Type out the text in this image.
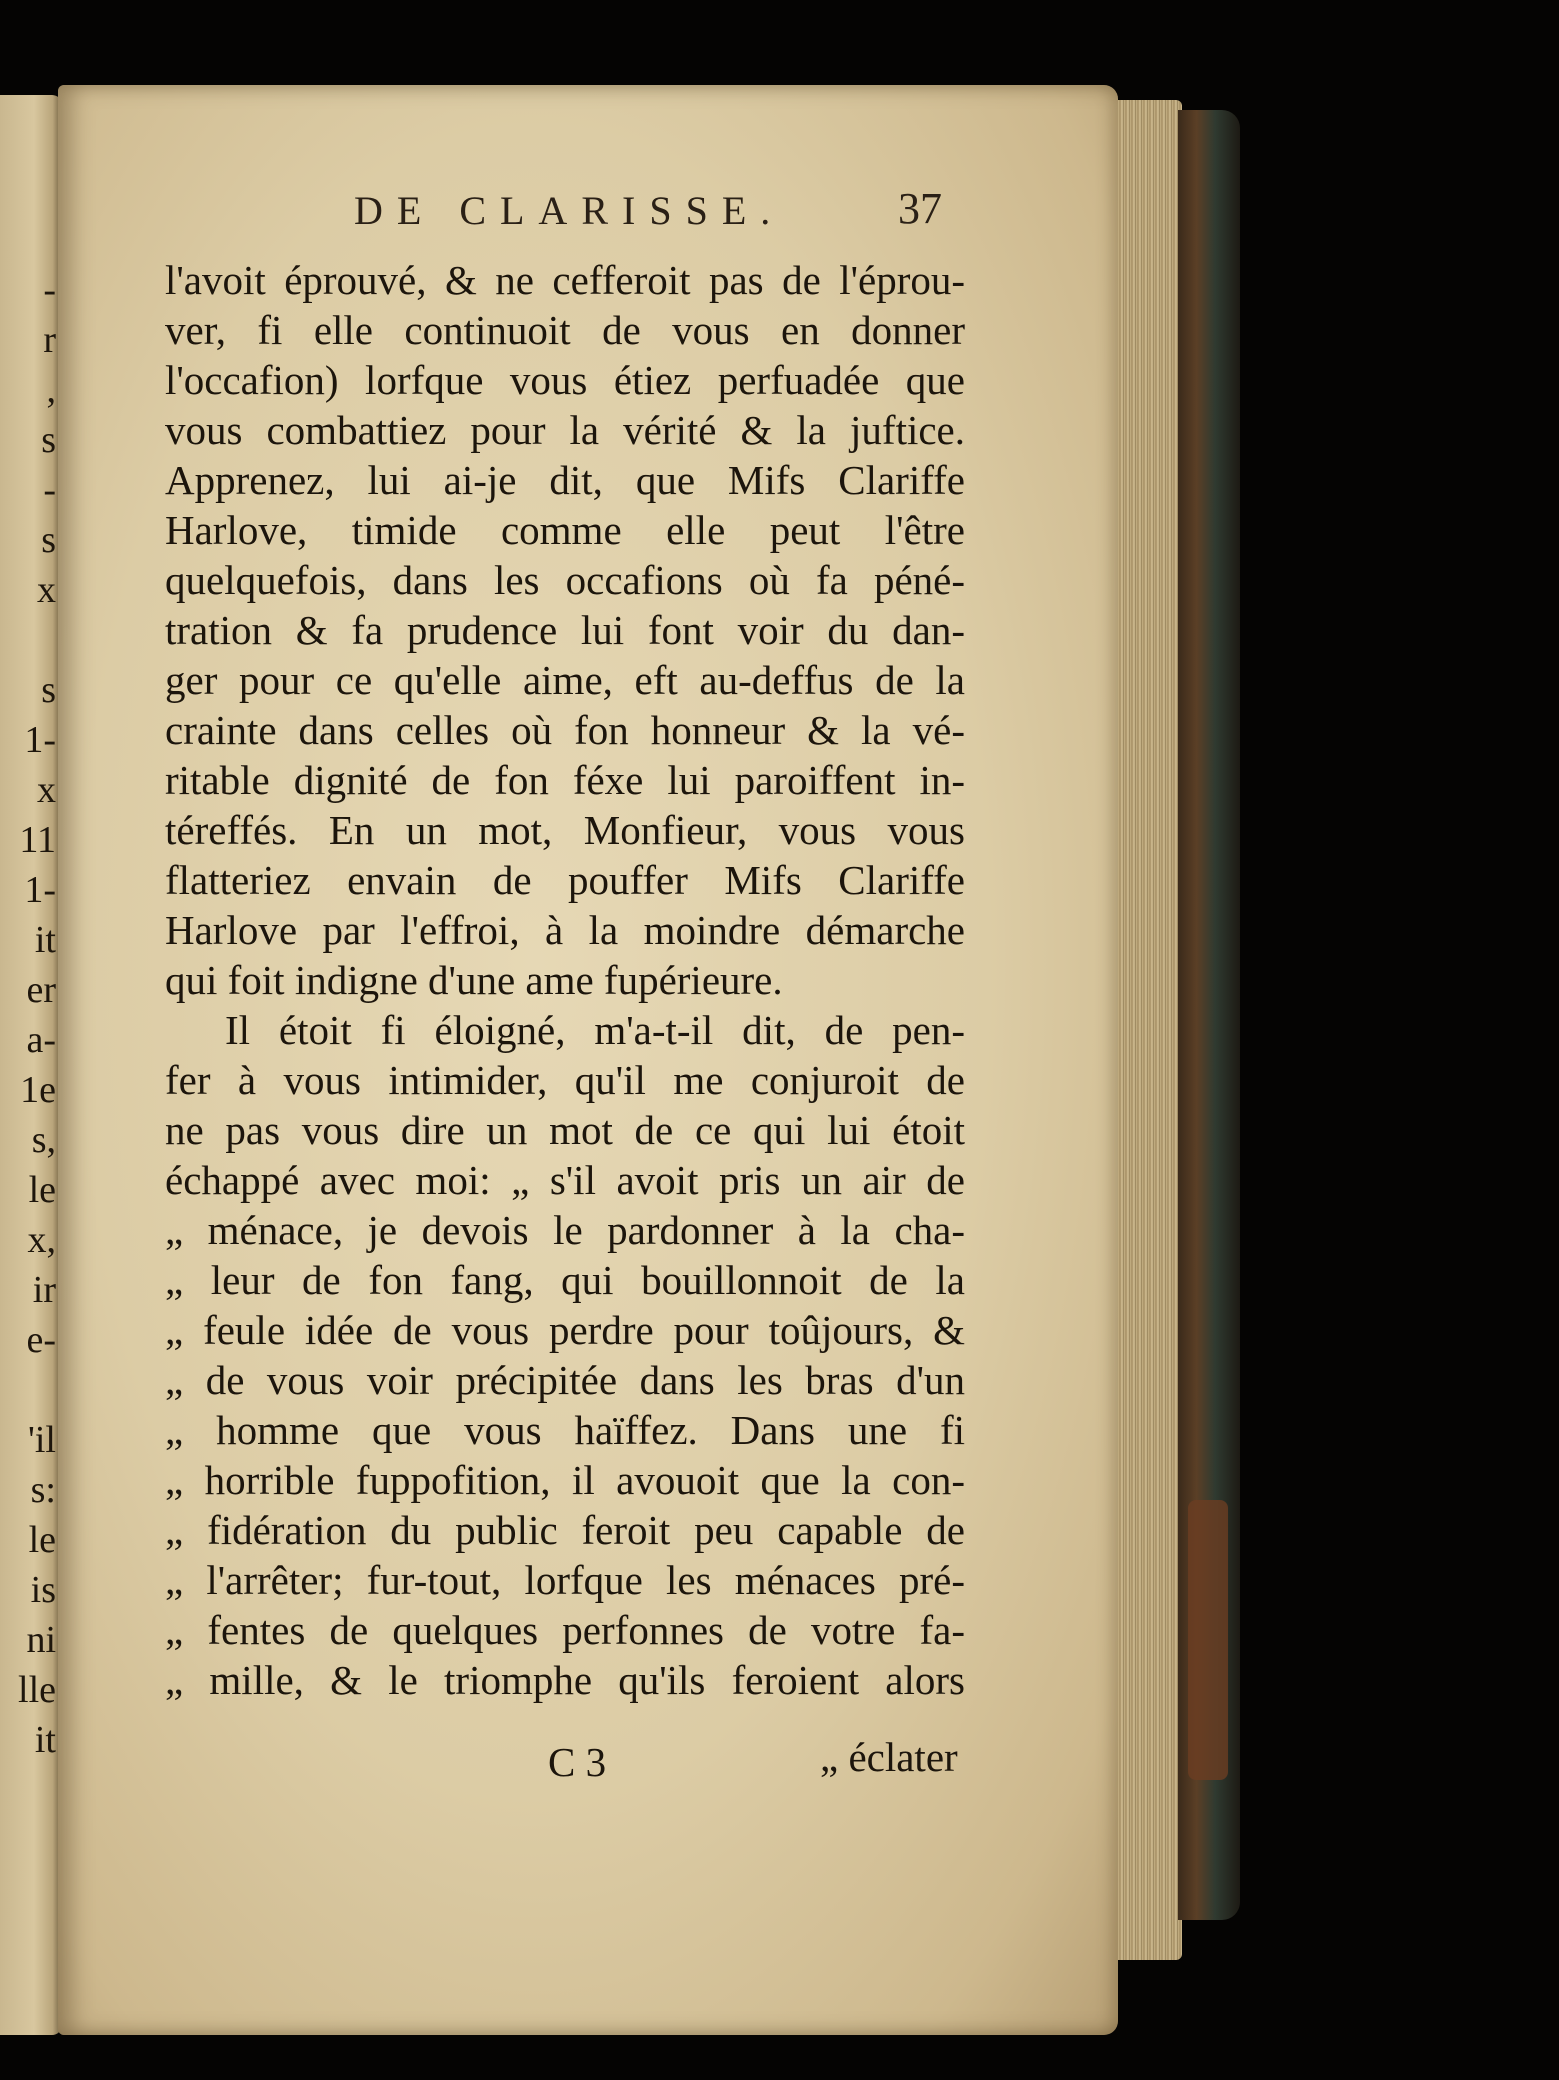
-
r
,
s
-
s
x
s
1-
x
11
1-
it
er
a-
1e
s,
le
x,
ir
e-
'il
s:
le
is
ni
lle
it
DE CLARISSE.	37
l'avoit éprouvé, & ne cefferoit pas de l'éprou-
ver, fi elle continuoit de vous en donner
l'occafion) lorfque vous étiez perfuadée que
vous combattiez pour la vérité & la juftice.
Apprenez, lui ai-je dit, que Mifs Clariffe
Harlove, timide comme elle peut l'être
quelquefois, dans les occafions où fa péné-
tration & fa prudence lui font voir du dan-
ger pour ce qu'elle aime, eft au-deffus de la
crainte dans celles où fon honneur & la vé-
ritable dignité de fon féxe lui paroiffent in-
téreffés. En un mot, Monfieur, vous vous
flatteriez envain de pouffer Mifs Clariffe
Harlove par l'effroi, à la moindre démarche
qui foit indigne d'une ame fupérieure.
Il étoit fi éloigné, m'a-t-il dit, de pen-
fer à vous intimider, qu'il me conjuroit de
ne pas vous dire un mot de ce qui lui étoit
échappé avec moi: „ s'il avoit pris un air de
„ ménace, je devois le pardonner à la cha-
„ leur de fon fang, qui bouillonnoit de la
„ feule idée de vous perdre pour toûjours, &
„ de vous voir précipitée dans les bras d'un
„ homme que vous haïffez. Dans une fi
„ horrible fuppofition, il avouoit que la con-
„ fidération du public feroit peu capable de
„ l'arrêter; fur-tout, lorfque les ménaces pré-
„ fentes de quelques perfonnes de votre fa-
„ mille, & le triomphe qu'ils feroient alors
C 3	„ éclater
